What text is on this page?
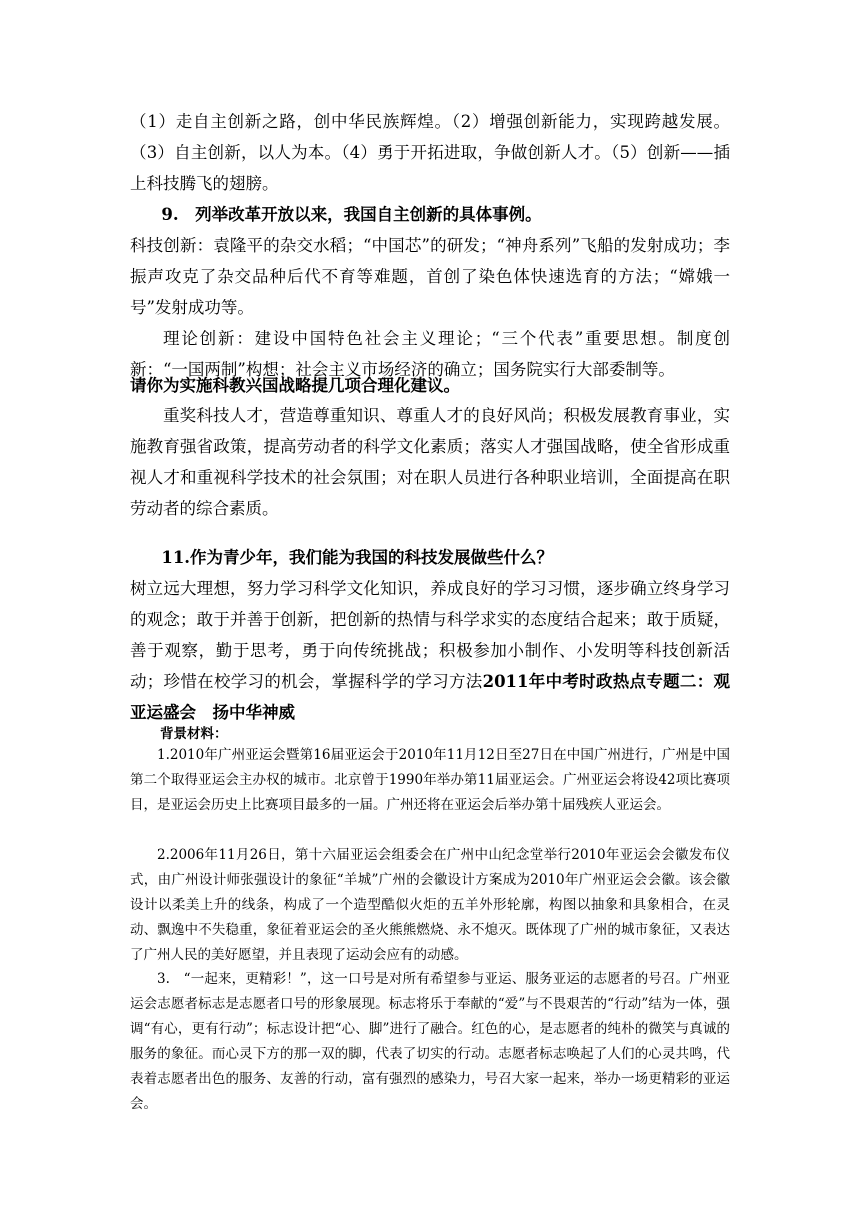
（1）走自主创新之路，创中华民族辉煌。（2）增强创新能力，实现跨越发展。（3）自主创新，以人为本。（4）勇于开拓进取，争做创新人才。（5）创新——插上科技腾飞的翅膀。

9.　列举改革开放以来，我国自主创新的具体事例。

科技创新：袁隆平的杂交水稻；“中国芯”的研发；“神舟系列”飞船的发射成功；李振声攻克了杂交品种后代不育等难题，首创了染色体快速选育的方法；“嫦娥一号”发射成功等。

理论创新：建设中国特色社会主义理论；“三个代表”重要思想。制度创新：“一国两制”构想；社会主义市场经济的确立；国务院实行大部委制等。

请你为实施科教兴国战略提几项合理化建议。

重奖科技人才，营造尊重知识、尊重人才的良好风尚；积极发展教育事业，实施教育强省政策，提高劳动者的科学文化素质；落实人才强国战略，使全省形成重视人才和重视科学技术的社会氛围；对在职人员进行各种职业培训，全面提高在职劳动者的综合素质。

11.作为青少年，我们能为我国的科技发展做些什么？

树立远大理想，努力学习科学文化知识，养成良好的学习习惯，逐步确立终身学习的观念；敢于并善于创新，把创新的热情与科学求实的态度结合起来；敢于质疑，善于观察，勤于思考，勇于向传统挑战；积极参加小制作、小发明等科技创新活动；珍惜在校学习的机会，掌握科学的学习方法2011年中考时政热点专题二：观亚运盛会　扬中华神威

背景材料：

1.2010年广州亚运会暨第16届亚运会于2010年11月12日至27日在中国广州进行，广州是中国第二个取得亚运会主办权的城市。北京曾于1990年举办第11届亚运会。广州亚运会将设42项比赛项目，是亚运会历史上比赛项目最多的一届。广州还将在亚运会后举办第十届残疾人亚运会。

2.2006年11月26日，第十六届亚运会组委会在广州中山纪念堂举行2010年亚运会会徽发布仪式，由广州设计师张强设计的象征“羊城”广州的会徽设计方案成为2010年广州亚运会会徽。该会徽设计以柔美上升的线条，构成了一个造型酷似火炬的五羊外形轮廓，构图以抽象和具象相合，在灵动、飘逸中不失稳重，象征着亚运会的圣火熊熊燃烧、永不熄灭。既体现了广州的城市象征，又表达了广州人民的美好愿望，并且表现了运动会应有的动感。

3.　“一起来，更精彩！”，这一口号是对所有希望参与亚运、服务亚运的志愿者的号召。广州亚运会志愿者标志是志愿者口号的形象展现。标志将乐于奉献的“爱”与不畏艰苦的“行动”结为一体，强调“有心，更有行动”；标志设计把“心、脚”进行了融合。红色的心，是志愿者的纯朴的微笑与真诚的服务的象征。而心灵下方的那一双的脚，代表了切实的行动。志愿者标志唤起了人们的心灵共鸣，代表着志愿者出色的服务、友善的行动，富有强烈的感染力，号召大家一起来，举办一场更精彩的亚运会。
